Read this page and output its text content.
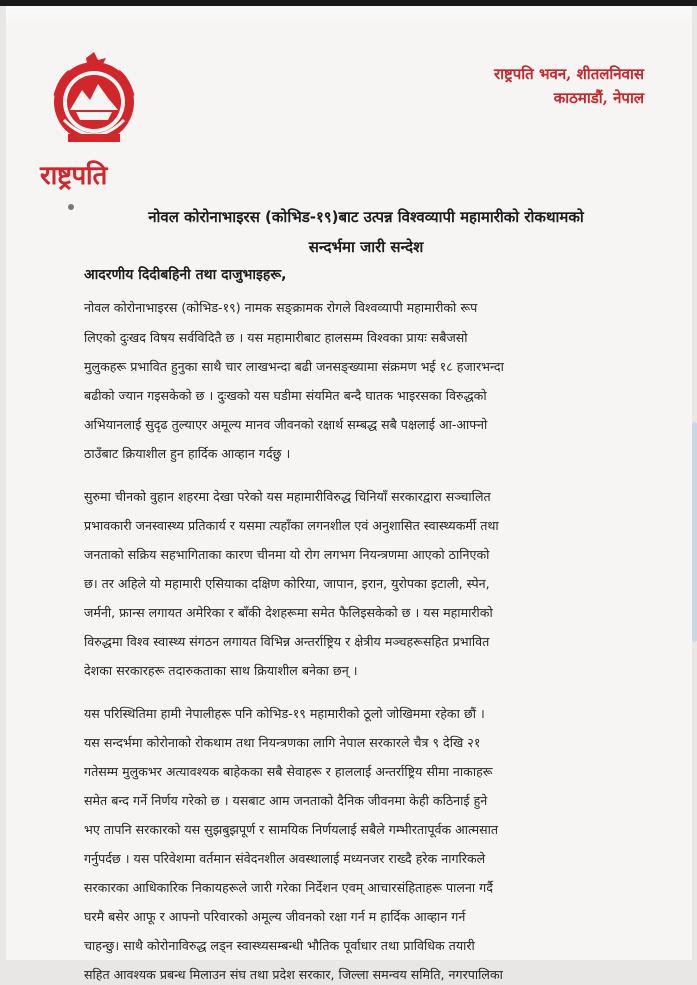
राष्ट्रपति
राष्ट्रपति भवन, शीतलनिवास
काठमाडौं, नेपाल
नोवल कोरोनाभाइरस (कोभिड-१९)बाट उत्पन्न विश्वव्यापी महामारीको रोकथामको
सन्दर्भमा जारी सन्देश
आदरणीय दिदीबहिनी तथा दाजुभाइहरू,
नोवल कोरोनाभाइरस (कोभिड-१९) नामक सङ्क्रामक रोगले विश्वव्यापी महामारीको रूप
लिएको दुःखद विषय सर्वविदितै छ । यस महामारीबाट हालसम्म विश्वका प्रायः सबैजसो
मुलुकहरू प्रभावित हुनुका साथै चार लाखभन्दा बढी जनसङ्ख्यामा संक्रमण भई १८ हजारभन्दा
बढीको ज्यान गइसकेको छ । दुःखको यस घडीमा संयमित बन्दै घातक भाइरसका विरुद्धको
अभियानलाई सुदृढ तुल्याएर अमूल्य मानव जीवनको रक्षार्थ सम्बद्ध सबै पक्षलाई आ-आफ्नो
ठाउँबाट क्रियाशील हुन हार्दिक आव्हान गर्दछु ।
सुरुमा चीनको वुहान शहरमा देखा परेको यस महामारीविरुद्ध चिनियाँ सरकारद्वारा सञ्चालित
प्रभावकारी जनस्वास्थ्य प्रतिकार्य र यसमा त्यहाँका लगनशील एवं अनुशासित स्वास्थ्यकर्मी तथा
जनताको सक्रिय सहभागिताका कारण चीनमा यो रोग लगभग नियन्त्रणमा आएको ठानिएको
छ। तर अहिले यो महामारी एसियाका दक्षिण कोरिया, जापान, इरान, युरोपका इटाली, स्पेन,
जर्मनी, फ्रान्स लगायत अमेरिका र बाँकी देशहरूमा समेत फैलिइसकेको छ । यस महामारीको
विरुद्धमा विश्व स्वास्थ्य संगठन लगायत विभिन्न अन्तर्राष्ट्रिय र क्षेत्रीय मञ्चहरूसहित प्रभावित
देशका सरकारहरू तदारुकताका साथ क्रियाशील बनेका छन् ।
यस परिस्थितिमा हामी नेपालीहरू पनि कोभिड-१९ महामारीको ठूलो जोखिममा रहेका छौं ।
यस सन्दर्भमा कोरोनाको रोकथाम तथा नियन्त्रणका लागि नेपाल सरकारले चैत्र ९ देखि २१
गतेसम्म मुलुकभर अत्यावश्यक बाहेकका सबै सेवाहरू र हाललाई अन्तर्राष्ट्रिय सीमा नाकाहरू
समेत बन्द गर्ने निर्णय गरेको छ । यसबाट आम जनताको दैनिक जीवनमा केही कठिनाई हुने
भए तापनि सरकारको यस सुझबुझपूर्ण र सामयिक निर्णयलाई सबैले गम्भीरतापूर्वक आत्मसात
गर्नुपर्दछ । यस परिवेशमा वर्तमान संवेदनशील अवस्थालाई मध्यनजर राख्दै हरेक नागरिकले
सरकारका आधिकारिक निकायहरूले जारी गरेका निर्देशन एवम् आचारसंहिताहरू पालना गर्दै
घरमै बसेर आफू र आफ्नो परिवारको अमूल्य जीवनको रक्षा गर्न म हार्दिक आव्हान गर्न
चाहन्छु। साथै कोरोनाविरुद्ध लड्न स्वास्थ्यसम्बन्धी भौतिक पूर्वाधार तथा प्राविधिक तयारी
सहित आवश्यक प्रबन्ध मिलाउन संघ तथा प्रदेश सरकार, जिल्ला समन्वय समिति, नगरपालिका
